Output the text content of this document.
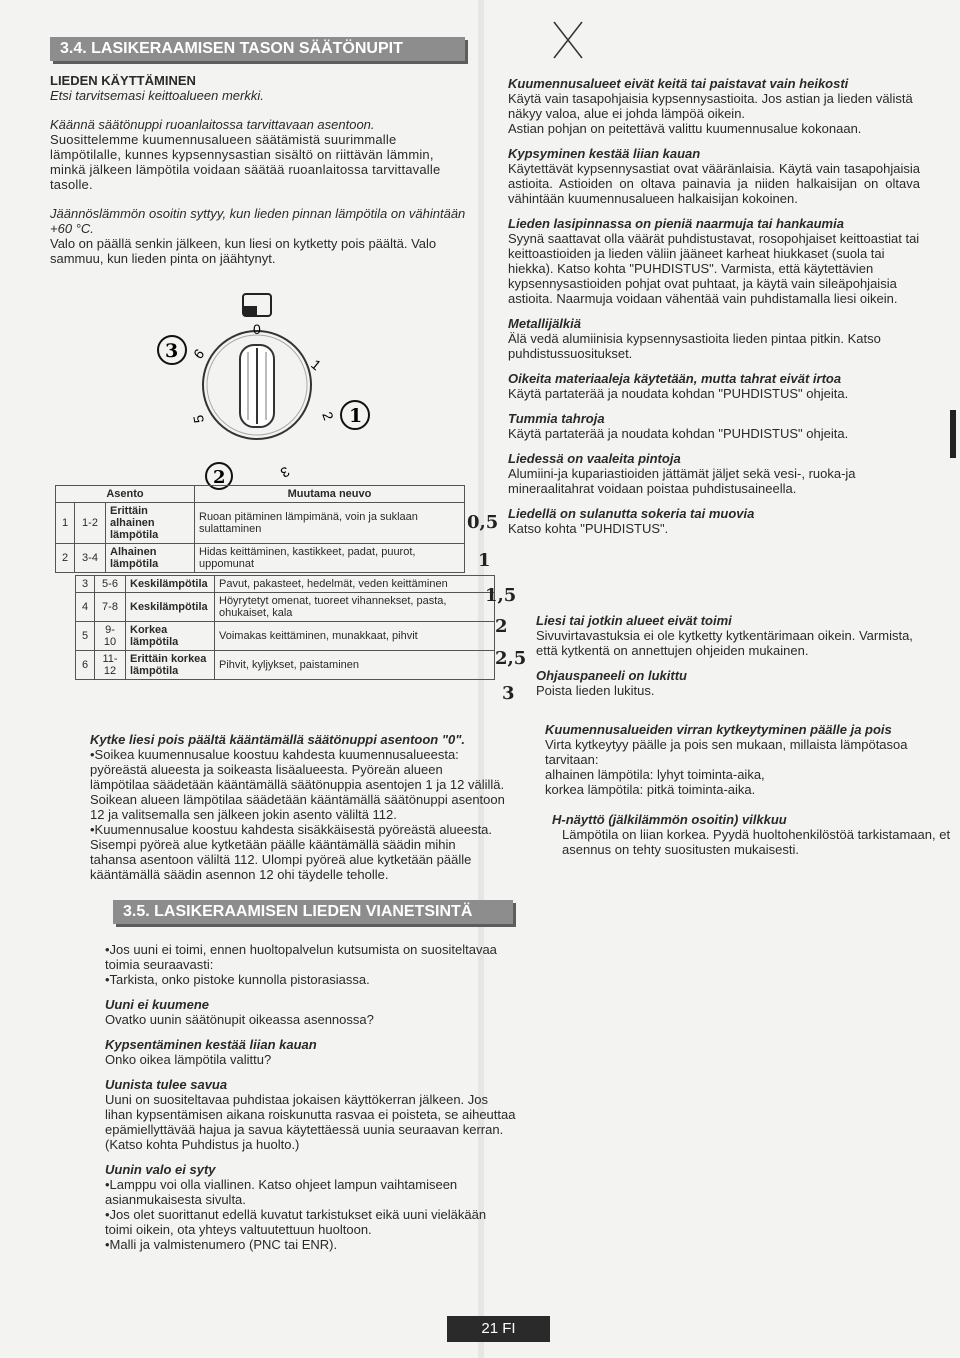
3.4. LASIKERAAMISEN TASON SÄÄTÖNUPIT

LIEDEN KÄYTTÄMINEN

Etsi tarvitsemasi keittoalueen merkki.

Käännä säätönuppi ruoanlaitossa tarvittavaan asentoon.

Suosittelemme kuumennusalueen säätämistä suurimmalle lämpötilalle, kunnes kypsennysastian sisältö on riittävän lämmin, minkä jälkeen lämpötila voidaan säätää ruoanlaitossa tarvittavalle tasolle.

Jäännöslämmön osoitin syttyy, kun lieden pinnan lämpötila on vähintään +60 °C.

Valo on päällä senkin jälkeen, kun liesi on kytketty pois päältä. Valo sammuu, kun lieden pinta on jäähtynyt.

0
1
2
3
5
6
3
1
2
Asento			Muutama neuvo
1	1-2	Erittäin alhainen lämpötila	Ruoan pitäminen lämpimänä, voin ja suklaan sulattaminen
2	3-4	Alhainen lämpötila	Hidas keittäminen, kastikkeet, padat, puurot, uppomunat
3	5-6	Keskilämpötila	Pavut, pakasteet, hedelmät, veden keittäminen
4	7-8	Keskilämpötila	Höyrytetyt omenat, tuoreet vihannekset, pasta, ohukaiset, kala
5	9-10	Korkea lämpötila	Voimakas keittäminen, munakkaat, pihvit
6	11-12	Erittäin korkea lämpötila	Pihvit, kyljykset, paistaminen
0,5
1
1,5
2
2,5
3

Kytke liesi pois päältä kääntämällä säätönuppi asentoon "0".

•Soikea kuumennusalue koostuu kahdesta kuumennusalueesta: pyöreästä alueesta ja soikeasta lisäalueesta. Pyöreän alueen lämpötilaa säädetään kääntämällä säätönuppia asentojen 1 ja 12 välillä. Soikean alueen lämpötilaa säädetään kääntämällä säätönuppi asentoon 12 ja valitsemalla sen jälkeen jokin asento väliltä 112.

•Kuumennusalue koostuu kahdesta sisäkkäisestä pyöreästä alueesta. Sisempi pyöreä alue kytketään päälle kääntämällä säädin mihin tahansa asentoon väliltä 112. Ulompi pyöreä alue kytketään päälle kääntämällä säädin asennon 12 ohi täydelle teholle.

3.5. LASIKERAAMISEN LIEDEN VIANETSINTÄ

•Jos uuni ei toimi, ennen huoltopalvelun kutsumista on suositeltavaa toimia seuraavasti:

•Tarkista, onko pistoke kunnolla pistorasiassa.

Uuni ei kuumene

Ovatko uunin säätönupit oikeassa asennossa?

Kypsentäminen kestää liian kauan

Onko oikea lämpötila valittu?

Uunista tulee savua

Uuni on suositeltavaa puhdistaa jokaisen käyttökerran jälkeen. Jos lihan kypsentämisen aikana roiskunutta rasvaa ei poisteta, se aiheuttaa epämiellyttävää hajua ja savua käytettäessä uunia seuraavan kerran. (Katso kohta Puhdistus ja huolto.)

Uunin valo ei syty

•Lamppu voi olla viallinen. Katso ohjeet lampun vaihtamiseen asianmukaisesta sivulta.

•Jos olet suorittanut edellä kuvatut tarkistukset eikä uuni vieläkään toimi oikein, ota yhteys valtuutettuun huoltoon.

•Malli ja valmistenumero (PNC tai ENR).

Kuumennusalueet eivät keitä tai paistavat vain heikosti

Käytä vain tasapohjaisia kypsennysastioita. Jos astian ja lieden välistä näkyy valoa, alue ei johda lämpöä oikein.

Astian pohjan on peitettävä valittu kuumennusalue kokonaan.

Kypsyminen kestää liian kauan

Käytettävät kypsennysastiat ovat vääränlaisia. Käytä vain tasapohjaisia astioita. Astioiden on oltava painavia ja niiden halkaisijan on oltava vähintään kuumennusalueen halkaisijan kokoinen.

Lieden lasipinnassa on pieniä naarmuja tai hankaumia

Syynä saattavat olla väärät puhdistustavat, rosopohjaiset keittoastiat tai keittoastioiden ja lieden väliin jääneet karheat hiukkaset (suola tai hiekka). Katso kohta "PUHDISTUS". Varmista, että käytettävien kypsennysastioiden pohjat ovat puhtaat, ja käytä vain sileäpohjaisia astioita. Naarmuja voidaan vähentää vain puhdistamalla liesi oikein.

Metallijälkiä

Älä vedä alumiinisia kypsennysastioita lieden pintaa pitkin. Katso puhdistussuositukset.

Oikeita materiaaleja käytetään, mutta tahrat eivät irtoa

Käytä partaterää ja noudata kohdan "PUHDISTUS" ohjeita.

Tummia tahroja

Käytä partaterää ja noudata kohdan "PUHDISTUS" ohjeita.

Liedessä on vaaleita pintoja

Alumiini-ja kupariastioiden jättämät jäljet sekä vesi-, ruoka-ja mineraalitahrat voidaan poistaa puhdistusaineella.

Liedellä on sulanutta sokeria tai muovia

Katso kohta "PUHDISTUS".

Liesi tai jotkin alueet eivät toimi

Sivuvirtavastuksia ei ole kytketty kytkentärimaan oikein. Varmista, että kytkentä on annettujen ohjeiden mukainen.

Ohjauspaneeli on lukittu

Poista lieden lukitus.

Kuumennusalueiden virran kytkeytyminen päälle ja pois

Virta kytkeytyy päälle ja pois sen mukaan, millaista lämpötasoa tarvitaan:

alhainen lämpötila: lyhyt toiminta-aika,

korkea lämpötila: pitkä toiminta-aika.

H-näyttö (jälkilämmön osoitin) vilkkuu

Lämpötila on liian korkea. Pyydä huoltohenkilöstöä tarkistamaan, et asennus on tehty suositusten mukaisesti.

21 FI
